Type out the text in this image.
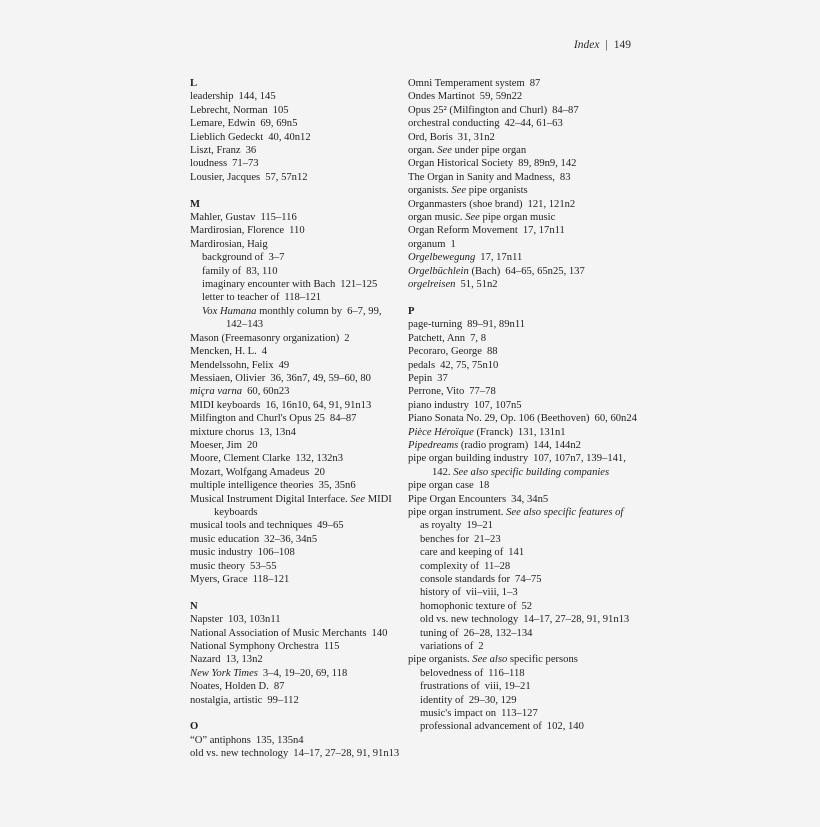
Index | 149
L
leadership 144, 145
Lebrecht, Norman 105
Lemare, Edwin 69, 69n5
Lieblich Gedeckt 40, 40n12
Liszt, Franz 36
loudness 71–73
Lousier, Jacques 57, 57n12
M
Mahler, Gustav 115–116
Mardirosian, Florence 110
Mardirosian, Haig
background of 3–7
family of 83, 110
imaginary encounter with Bach 121–125
letter to teacher of 118–121
Vox Humana monthly column by 6–7, 99, 142–143
Mason (Freemasonry organization) 2
Mencken, H. L. 4
Mendelssohn, Felix 49
Messiaen, Olivier 36, 36n7, 49, 59–60, 80
miçra varna 60, 60n23
MIDI keyboards 16, 16n10, 64, 91, 91n13
Milfington and Churl's Opus 25 84–87
mixture chorus 13, 13n4
Moeser, Jim 20
Moore, Clement Clarke 132, 132n3
Mozart, Wolfgang Amadeus 20
multiple intelligence theories 35, 35n6
Musical Instrument Digital Interface. See MIDI keyboards
musical tools and techniques 49–65
music education 32–36, 34n5
music industry 106–108
music theory 53–55
Myers, Grace 118–121
N
Napster 103, 103n11
National Association of Music Merchants 140
National Symphony Orchestra 115
Nazard 13, 13n2
New York Times 3–4, 19–20, 69, 118
Noates, Holden D. 87
nostalgia, artistic 99–112
O
“O” antiphons 135, 135n4
old vs. new technology 14–17, 27–28, 91, 91n13
Omni Temperament system 87
Ondes Martinot 59, 59n22
Opus 25² (Milfington and Churl) 84–87
orchestral conducting 42–44, 61–63
Ord, Boris 31, 31n2
organ. See under pipe organ
Organ Historical Society 89, 89n9, 142
The Organ in Sanity and Madness, 83
organists. See pipe organists
Organmasters (shoe brand) 121, 121n2
organ music. See pipe organ music
Organ Reform Movement 17, 17n11
organum 1
Orgelbewegung 17, 17n11
Orgelbüchlein (Bach) 64–65, 65n25, 137
orgelreisen 51, 51n2
P
page-turning 89–91, 89n11
Patchett, Ann 7, 8
Pecoraro, George 88
pedals 42, 75, 75n10
Pepin 37
Perrone, Vito 77–78
piano industry 107, 107n5
Piano Sonata No. 29, Op. 106 (Beethoven) 60, 60n24
Pièce Héroïque (Franck) 131, 131n1
Pipedreams (radio program) 144, 144n2
pipe organ building industry 107, 107n7, 139–141, 142. See also specific building companies
pipe organ case 18
Pipe Organ Encounters 34, 34n5
pipe organ instrument. See also specific features of
as royalty 19–21
benches for 21–23
care and keeping of 141
complexity of 11–28
console standards for 74–75
history of vii–viii, 1–3
homophonic texture of 52
old vs. new technology 14–17, 27–28, 91, 91n13
tuning of 26–28, 132–134
variations of 2
pipe organists. See also specific persons
belovedness of 116–118
frustrations of viii, 19–21
identity of 29–30, 129
music's impact on 113–127
professional advancement of 102, 140
